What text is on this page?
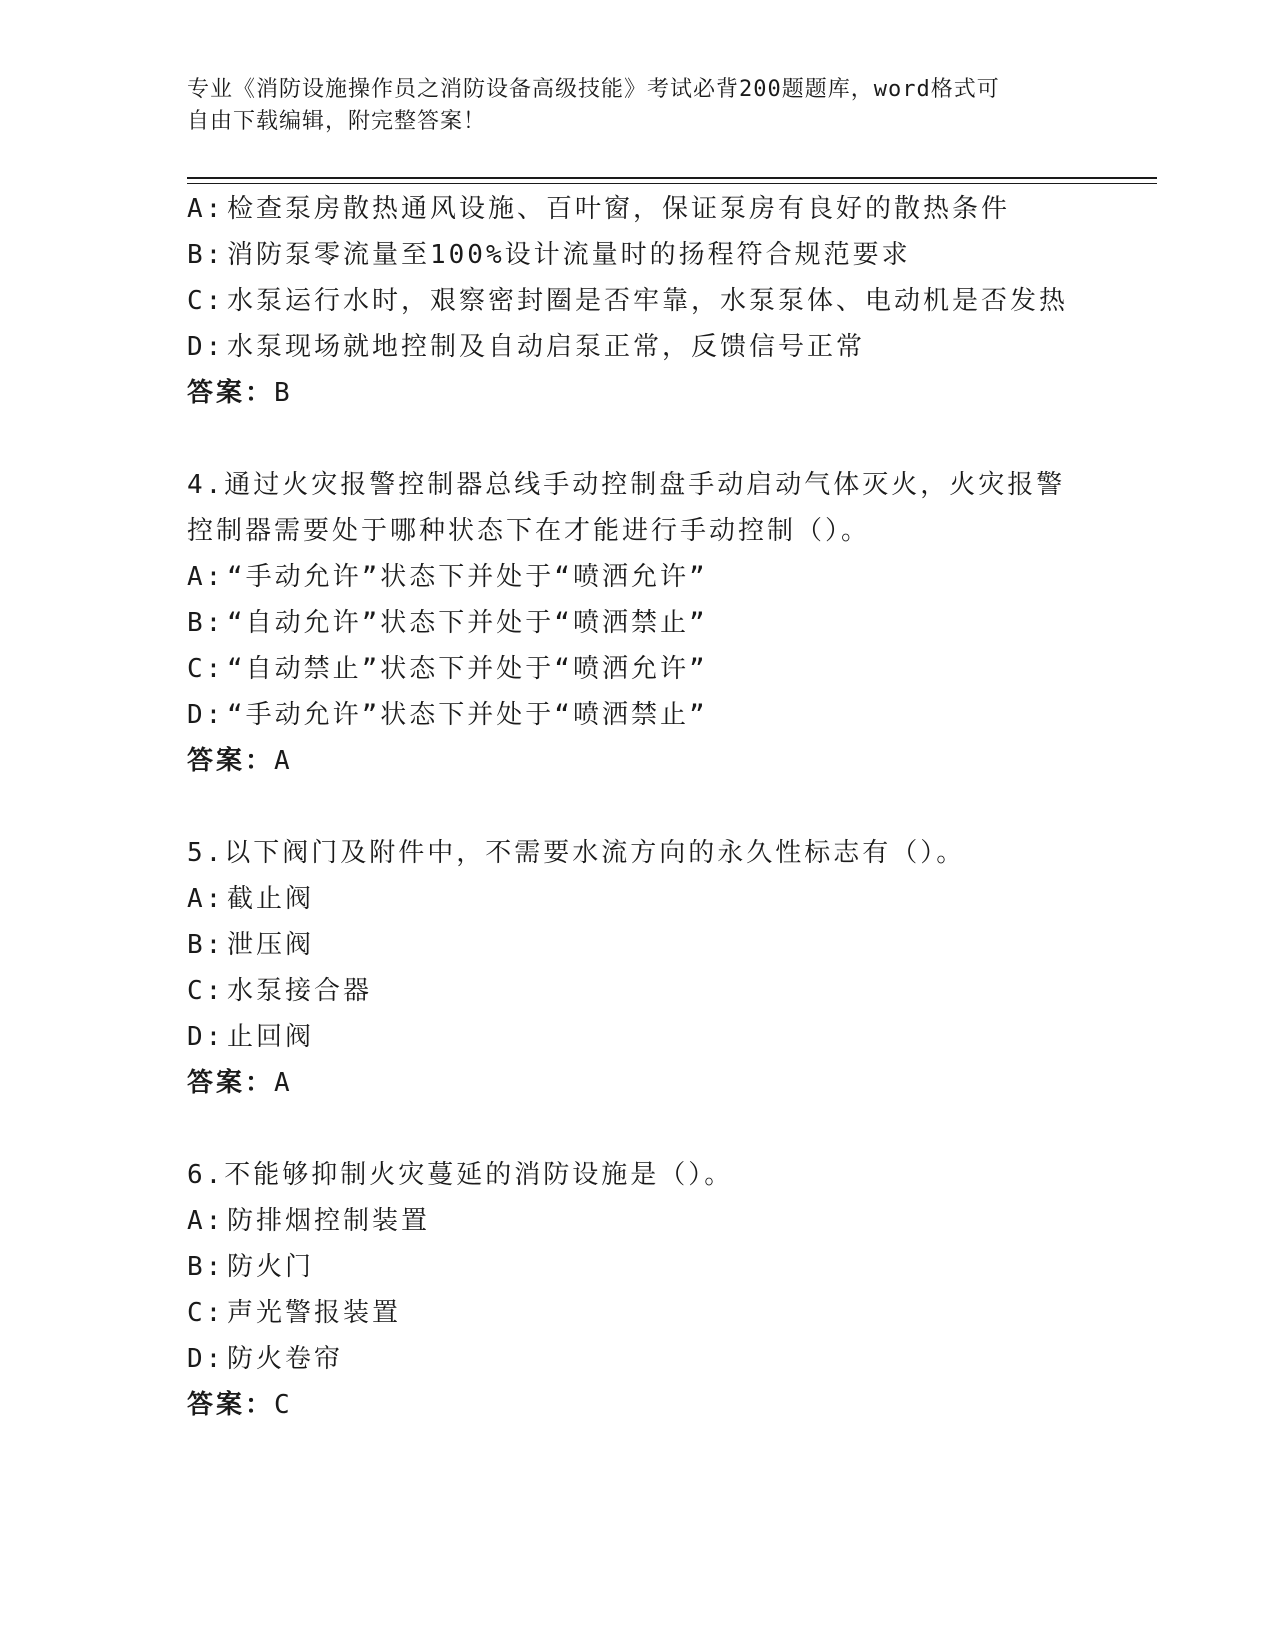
专业《消防设施操作员之消防设备高级技能》考试必背200题题库，word格式可
自由下载编辑，附完整答案！
A: 检查泵房散热通风设施、百叶窗，保证泵房有良好的散热条件
B: 消防泵零流量至100%设计流量时的扬程符合规范要求
C: 水泵运行水时，艰察密封圈是否牢靠，水泵泵体、电动机是否发热
D: 水泵现场就地控制及自动启泵正常，反馈信号正常
答案：B
4.通过火灾报警控制器总线手动控制盘手动启动气体灭火，火灾报警
控制器需要处于哪种状态下在才能进行手动控制（）。
A: “手动允许”状态下并处于“喷洒允许”
B: “自动允许”状态下并处于“喷洒禁止”
C: “自动禁止”状态下并处于“喷洒允许”
D: “手动允许”状态下并处于“喷洒禁止”
答案：A
5.以下阀门及附件中，不需要水流方向的永久性标志有（）。
A: 截止阀
B: 泄压阀
C: 水泵接合器
D: 止回阀
答案：A
6.不能够抑制火灾蔓延的消防设施是（）。
A: 防排烟控制装置
B: 防火门
C: 声光警报装置
D: 防火卷帘
答案：C
